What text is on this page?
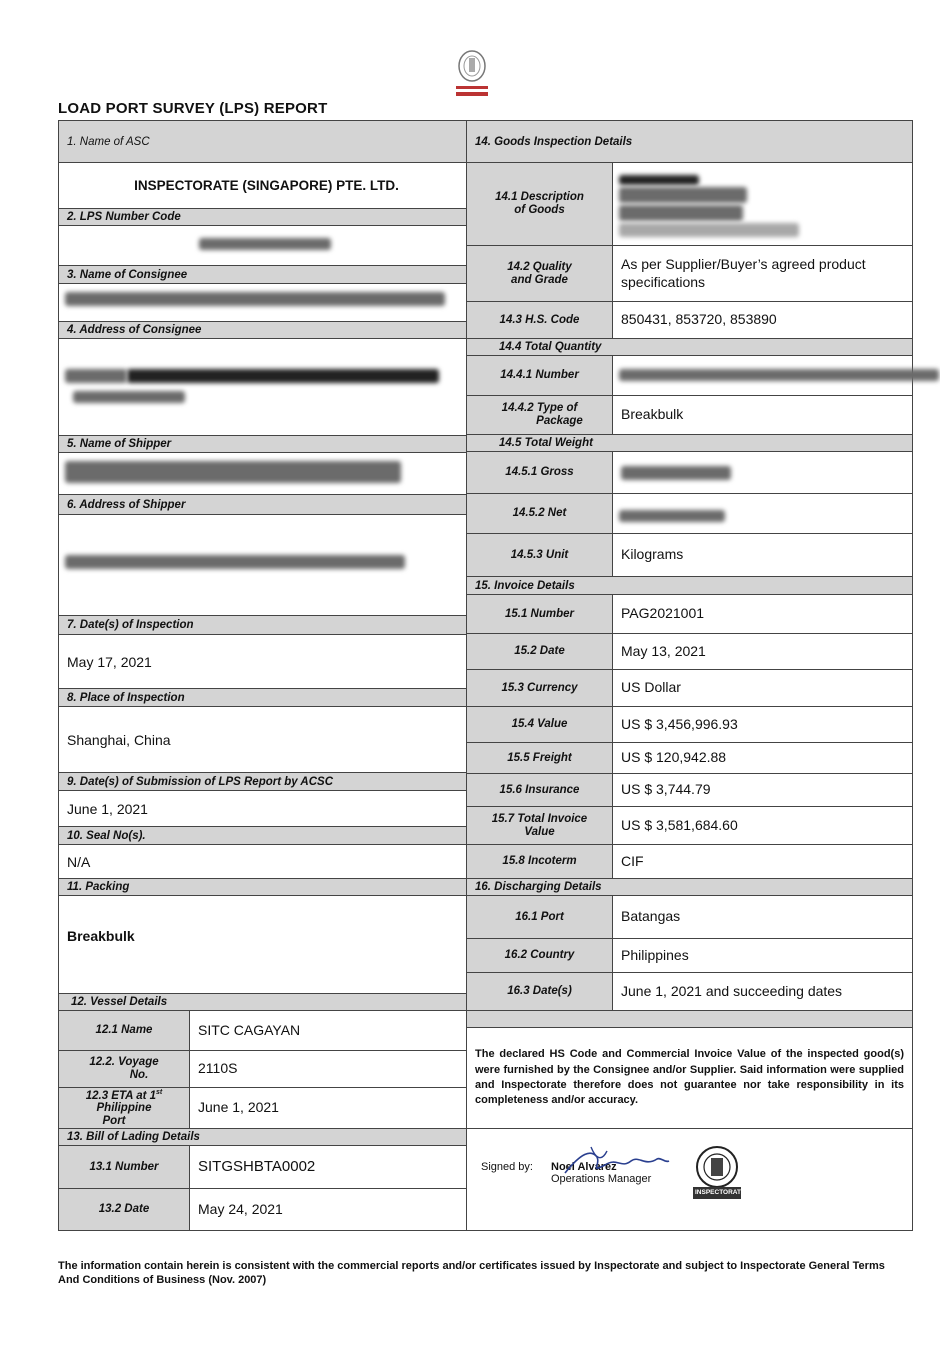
LOAD PORT SURVEY (LPS) REPORT
1. Name of ASC
INSPECTORATE (SINGAPORE) PTE. LTD.
2. LPS Number Code
3. Name of Consignee
4. Address of Consignee
5. Name of Shipper
6. Address of Shipper
7. Date(s) of Inspection
May 17, 2021
8. Place of Inspection
Shanghai, China
9. Date(s) of Submission of LPS Report by ACSC
June 1, 2021
10. Seal No(s).
N/A
11. Packing
Breakbulk
12. Vessel Details
12.1 Name	SITC CAGAYAN
12.2. Voyage
No.	2110S
12.3 ETA at 1st
Philippine
Port
June 1, 2021
13. Bill of Lading Details
13.1 Number	SITGSHBTA0002
13.2 Date	May 24, 2021
14. Goods Inspection Details
14.1 Description
of Goods
14.2 Quality
and Grade
As per Supplier/Buyer’s agreed product specifications
14.3 H.S. Code	850431, 853720, 853890
14.4 Total Quantity
14.4.1 Number
14.4.2 Type of
Package	Breakbulk
14.5 Total Weight
14.5.1 Gross
14.5.2 Net
14.5.3 Unit	Kilograms
15. Invoice Details
15.1 Number	PAG2021001
15.2 Date	May 13, 2021
15.3 Currency	US Dollar
15.4 Value	US $ 3,456,996.93
15.5 Freight	US $ 120,942.88
15.6 Insurance	US $ 3,744.79
15.7 Total Invoice Value	US $ 3,581,684.60
15.8 Incoterm	CIF
16. Discharging Details
16.1 Port	Batangas
16.2 Country	Philippines
16.3 Date(s)	June 1, 2021 and succeeding dates
The declared HS Code and Commercial Invoice Value of the inspected good(s) were furnished by the Consignee and/or Supplier. Said information were supplied and Inspectorate therefore does not guarantee nor take responsibility in its completeness and/or accuracy.
Signed by: Noel Alvarez
Operations Manager
INSPECTORATE
The information contain herein is consistent with the commercial reports and/or certificates issued by Inspectorate and subject to Inspectorate General Terms And Conditions of Business (Nov. 2007)
